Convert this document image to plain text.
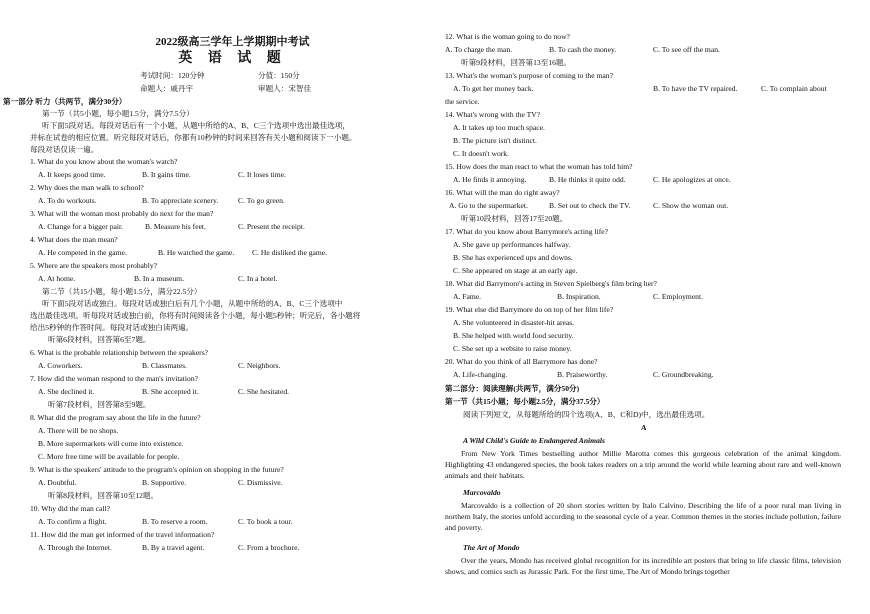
2022级高三学年上学期期中考试
英 语 试 题
考试时间：120分钟	分值：150分
命题人：戚丹宇	审题人：宋智佳
第一部分 听力（共两节，满分30分）
第一节（共5小题，每小题1.5分，满分7.5分）
听下面5段对话。每段对话后有一个小题，从题中所给的A、B、C三个选项中选出最佳选项，
并标在试卷的相应位置。听完每段对话后，你都有10秒钟的时间来回答有关小题和阅读下一小题。
每段对话仅读一遍。
1. What do you know about the woman's watch?
A. It keeps good time.	B. It gains time.	C. It loses time.
2. Why does the man walk to school?
A. To do workouts.	B. To appreciate scenery.	C. To go green.
3. What will the woman most probably do next for the man?
A. Change for a bigger pair.	B. Measure his feet.	C. Present the receipt.
4. What does the man mean?
A. He competed in the game.	B. He watched the game. C. He disliked the game.
5. Where are the speakers most probably?
A. At home.	B. In a museum.	C. In a hotel.
第二节（共15小题，每小题1.5分，满分22.5分）
听下面5段对话或独白。每段对话或独白后有几个小题，从题中所给的A、B、C三个选项中
选出最佳选项。听每段对话或独白前，你将有时间阅读各个小题，每小题5秒钟；听完后，各小题将
给出5秒钟的作答时间。每段对话或独白读两遍。
听第6段材料，回答第6至7题。
6. What is the probable relationship between the speakers?
A. Coworkers.	B. Classmates.	C. Neighbors.
7. How did the woman respond to the man's invitation?
A. She declined it.	B. She accepted it.	C. She hesitated.
听第7段材料，回答第8至9题。
8. What did the program say about the life in the future?
A. There will be no shops.
B. More supermarkets will come into existence.
C. More free time will be available for people.
9. What is the speakers' attitude to the program's opinion on shopping in the future?
A. Doubtful.	B. Supportive.	C. Dismissive.
听第8段材料，回答第10至12题。
10. Why did the man call?
A. To confirm a flight.	B. To reserve a room.	C. To book a tour.
11. How did the man get informed of the travel information?
A. Through the Internet.	B. By a travel agent.	C. From a brochure.
12. What is the woman going to do now?
A. To charge the man.	B. To cash the money.	C. To see off the man.
听第9段材料，回答第13至16题。
13. What's the woman's purpose of coming to the man?
A. To get her money back.	B. To have the TV repaired.	C. To complain about
the service.
14. What's wrong with the TV?
A. It takes up too much space.
B. The picture isn't distinct.
C. It doesn't work.
15. How does the man react to what the woman has told him?
A. He finds it annoying.	B. He thinks it quite odd.	C. He apologizes at once.
16. What will the man do right away?
A. Go to the supermarket.	B. Set out to check the TV.	C. Show the woman out.
听第10段材料，回答17至20题。
17. What do you know about Barrymore's acting life?
A. She gave up performances halfway.
B. She has experienced ups and downs.
C. She appeared on stage at an early age.
18. What did Barrymore's acting in Steven Spielberg's film bring her?
A. Fame.	B. Inspiration.	C. Employment.
19. What else did Barrymore do on top of her film life?
A. She volunteered in disaster-hit areas.
B. She helped with world food security.
C. She set up a website to raise money.
20. What do you think of all Barrymore has done?
A. Life-changing.	B. Praiseworthy.	C. Groundbreaking.
第二部分：阅读理解(共两节，满分50分)
第一节（共15小题；每小题2.5分，满分37.5分）
阅读下列短文，从每题所给的四个选项(A、B、C和D)中，选出最佳选项。
A
A Wild Child's Guide to Endangered Animals
From New York Times bestselling author Millie Marotta comes this gorgeous celebration of the animal kingdom. Highlighting 43 endangered species, the book takes readers on a trip around the world while learning about rare and well-known animals and their habitats.
Marcovaldo
Marcovaldo is a collection of 20 short stories written by Italo Calvino. Describing the life of a poor rural man living in northern Italy, the stories unfold according to the seasonal cycle of a year. Common themes in the stories include pollution, failure and poverty.
The Art of Mondo
Over the years, Mondo has received global recognition for its incredible art posters that bring to life classic films, television shows, and comics such as Jurassic Park. For the first time, The Art of Mondo brings together
